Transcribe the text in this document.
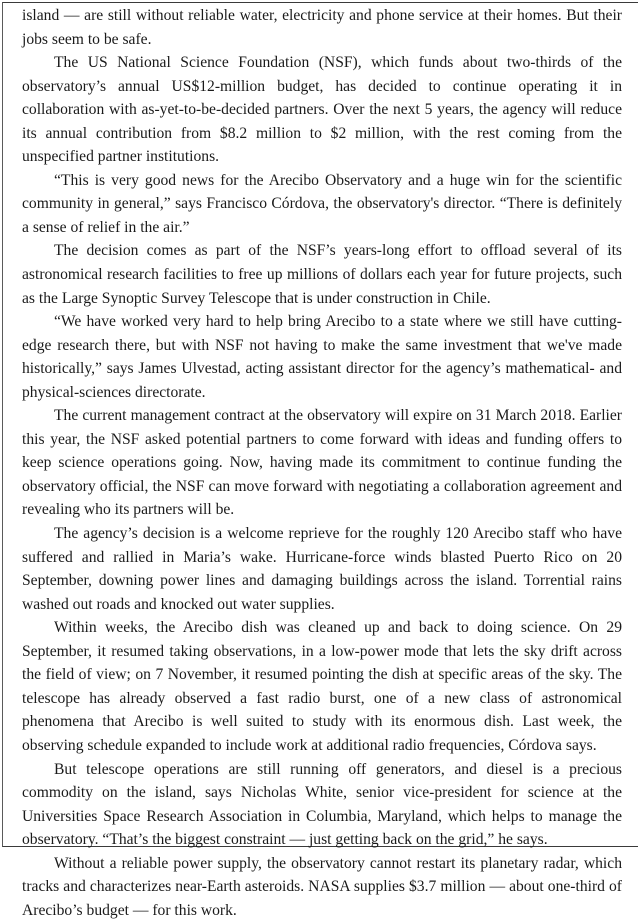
island — are still without reliable water, electricity and phone service at their homes. But their jobs seem to be safe.

The US National Science Foundation (NSF), which funds about two-thirds of the observatory’s annual US$12-million budget, has decided to continue operating it in collaboration with as-yet-to-be-decided partners. Over the next 5 years, the agency will reduce its annual contribution from $8.2 million to $2 million, with the rest coming from the unspecified partner institutions.

“This is very good news for the Arecibo Observatory and a huge win for the scientific community in general,” says Francisco Córdova, the observatory's director. “There is definitely a sense of relief in the air.”

The decision comes as part of the NSF’s years-long effort to offload several of its astronomical research facilities to free up millions of dollars each year for future projects, such as the Large Synoptic Survey Telescope that is under construction in Chile.

“We have worked very hard to help bring Arecibo to a state where we still have cutting-edge research there, but with NSF not having to make the same investment that we've made historically,” says James Ulvestad, acting assistant director for the agency’s mathematical- and physical-sciences directorate.

The current management contract at the observatory will expire on 31 March 2018. Earlier this year, the NSF asked potential partners to come forward with ideas and funding offers to keep science operations going. Now, having made its commitment to continue funding the observatory official, the NSF can move forward with negotiating a collaboration agreement and revealing who its partners will be.

The agency’s decision is a welcome reprieve for the roughly 120 Arecibo staff who have suffered and rallied in Maria’s wake. Hurricane-force winds blasted Puerto Rico on 20 September, downing power lines and damaging buildings across the island. Torrential rains washed out roads and knocked out water supplies.

Within weeks, the Arecibo dish was cleaned up and back to doing science. On 29 September, it resumed taking observations, in a low-power mode that lets the sky drift across the field of view; on 7 November, it resumed pointing the dish at specific areas of the sky. The telescope has already observed a fast radio burst, one of a new class of astronomical phenomena that Arecibo is well suited to study with its enormous dish. Last week, the observing schedule expanded to include work at additional radio frequencies, Córdova says.

But telescope operations are still running off generators, and diesel is a precious commodity on the island, says Nicholas White, senior vice-president for science at the Universities Space Research Association in Columbia, Maryland, which helps to manage the observatory. “That’s the biggest constraint — just getting back on the grid,” he says.

Without a reliable power supply, the observatory cannot restart its planetary radar, which tracks and characterizes near-Earth asteroids. NASA supplies $3.7 million — about one-third of Arecibo’s budget — for this work.
